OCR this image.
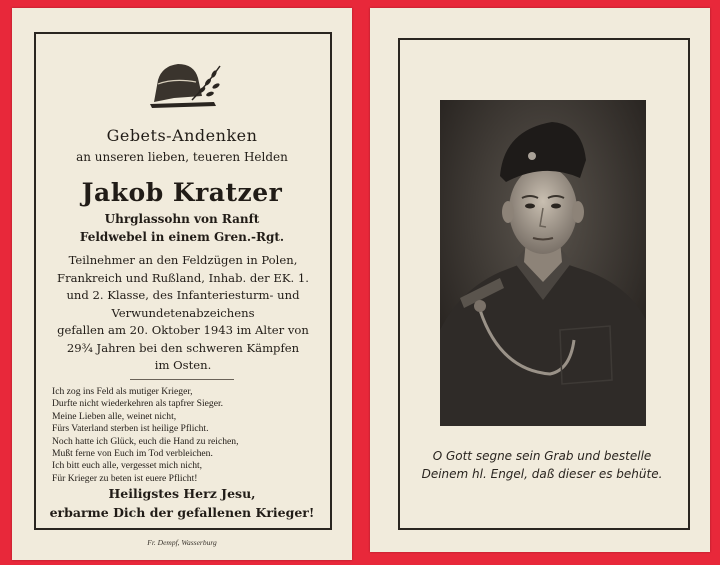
Gebets-Andenken
an unseren lieben, teueren Helden
Jakob Kratzer
Uhrglassohn von Ranft
Feldwebel in einem Gren.-Rgt.
Teilnehmer an den Feldzügen in Polen,
Frankreich und Rußland, Inhab. der EK. 1.
und 2. Klasse, des Infanteriesturm- und
Verwundetenabzeichens
gefallen am 20. Oktober 1943 im Alter von
29¾ Jahren bei den schweren Kämpfen
im Osten.
Ich zog ins Feld als mutiger Krieger,
Durfte nicht wiederkehren als tapfrer Sieger.
Meine Lieben alle, weinet nicht,
Fürs Vaterland sterben ist heilige Pflicht.
Noch hatte ich Glück, euch die Hand zu reichen,
Mußt ferne von Euch im Tod verbleichen.
Ich bitt euch alle, vergesset mich nicht,
Für Krieger zu beten ist euere Pflicht!
Heiligstes Herz Jesu,
erbarme Dich der gefallenen Krieger!
Fr. Dempf, Wasserburg
O Gott segne sein Grab und bestelle
Deinem hl. Engel, daß dieser es behüte.
